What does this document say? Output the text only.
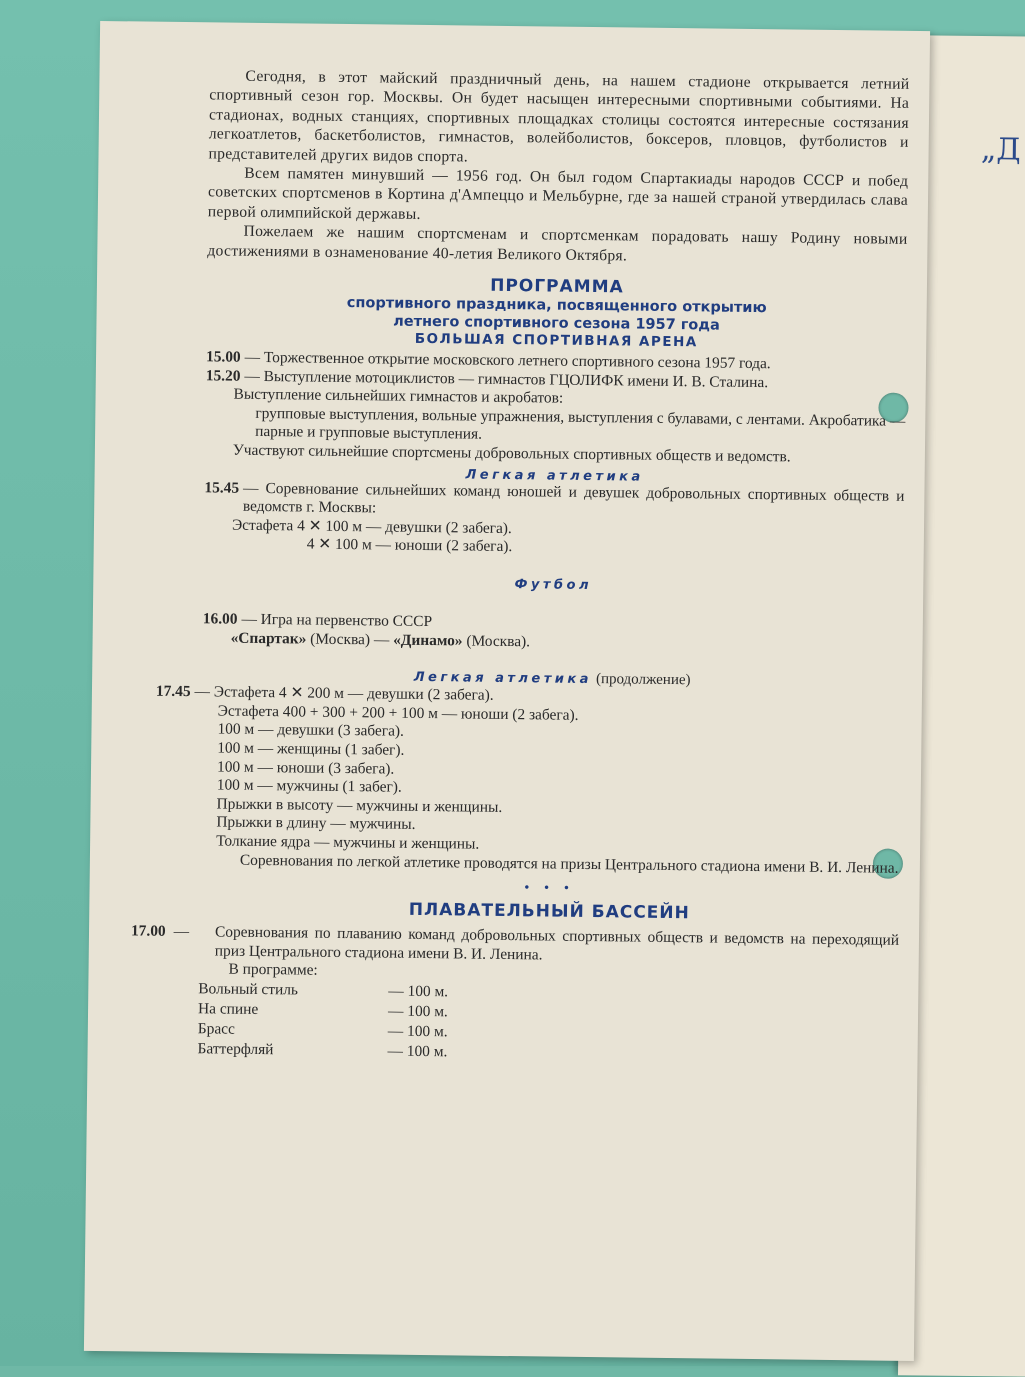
„Д

Сегодня, в этот майский праздничный день, на нашем стадионе открывается летний спортивный сезон гор. Москвы. Он будет насыщен интересными спортивными событиями. На стадионах, водных станциях, спортивных площадках столицы состоятся интересные состязания легкоатлетов, баскетболистов, гимнастов, волейболистов, боксеров, пловцов, футболистов и представителей других видов спорта.

Всем памятен минувший — 1956 год. Он был годом Спартакиады народов СССР и побед советских спортсменов в Кортина д'Ампеццо и Мельбурне, где за нашей страной утвердилась слава первой олимпийской державы.

Пожелаем же нашим спортсменам и спортсменкам порадовать нашу Родину новыми достижениями в ознаменование 40-летия Великого Октября.

ПРОГРАММА
спортивного праздника, посвященного открытию
летнего спортивного сезона 1957 года
БОЛЬШАЯ СПОРТИВНАЯ АРЕНА
15.00 — Торжественное открытие московского летнего спортивного сезона 1957 года.
15.20 — Выступление мотоциклистов — гимнастов ГЦОЛИФК имени И. В. Сталина.
Выступление сильнейших гимнастов и акробатов:
групповые выступления, вольные упражнения, выступления с булавами, с лентами. Акробатика — парные и групповые выступления.
Участвуют сильнейшие спортсмены добровольных спортивных обществ и ведомств.
Легкая атлетика
15.45 — Соревнование сильнейших команд юношей и девушек добровольных спортивных обществ и ведомств г. Москвы:
Эстафета 4 ✕ 100 м — девушки (2 забега).
4 ✕ 100 м — юноши (2 забега).
Футбол
16.00 — Игра на первенство СССР
«Спартак» (Москва) — «Динамо» (Москва).
Легкая атлетика (продолжение)
17.45 — Эстафета 4 ✕ 200 м — девушки (2 забега).
Эстафета 400 + 300 + 200 + 100 м — юноши (2 забега).
100 м — девушки (3 забега).
100 м — женщины (1 забег).
100 м — юноши (3 забега).
100 м — мужчины (1 забег).
Прыжки в высоту — мужчины и женщины.
Прыжки в длину — мужчины.
Толкание ядра — мужчины и женщины.
Соревнования по легкой атлетике проводятся на призы Центрального стадиона имени В. И. Ленина.
• • •
ПЛАВАТЕЛЬНЫЙ БАССЕЙН
17.00 — Соревнования по плаванию команд добровольных спортивных обществ и ведомств на переходящий приз Центрального стадиона имени В. И. Ленина.
В программе:
Вольный стиль	— 100 м.
На спине	— 100 м.
Брасс	— 100 м.
Баттерфляй	— 100 м.
